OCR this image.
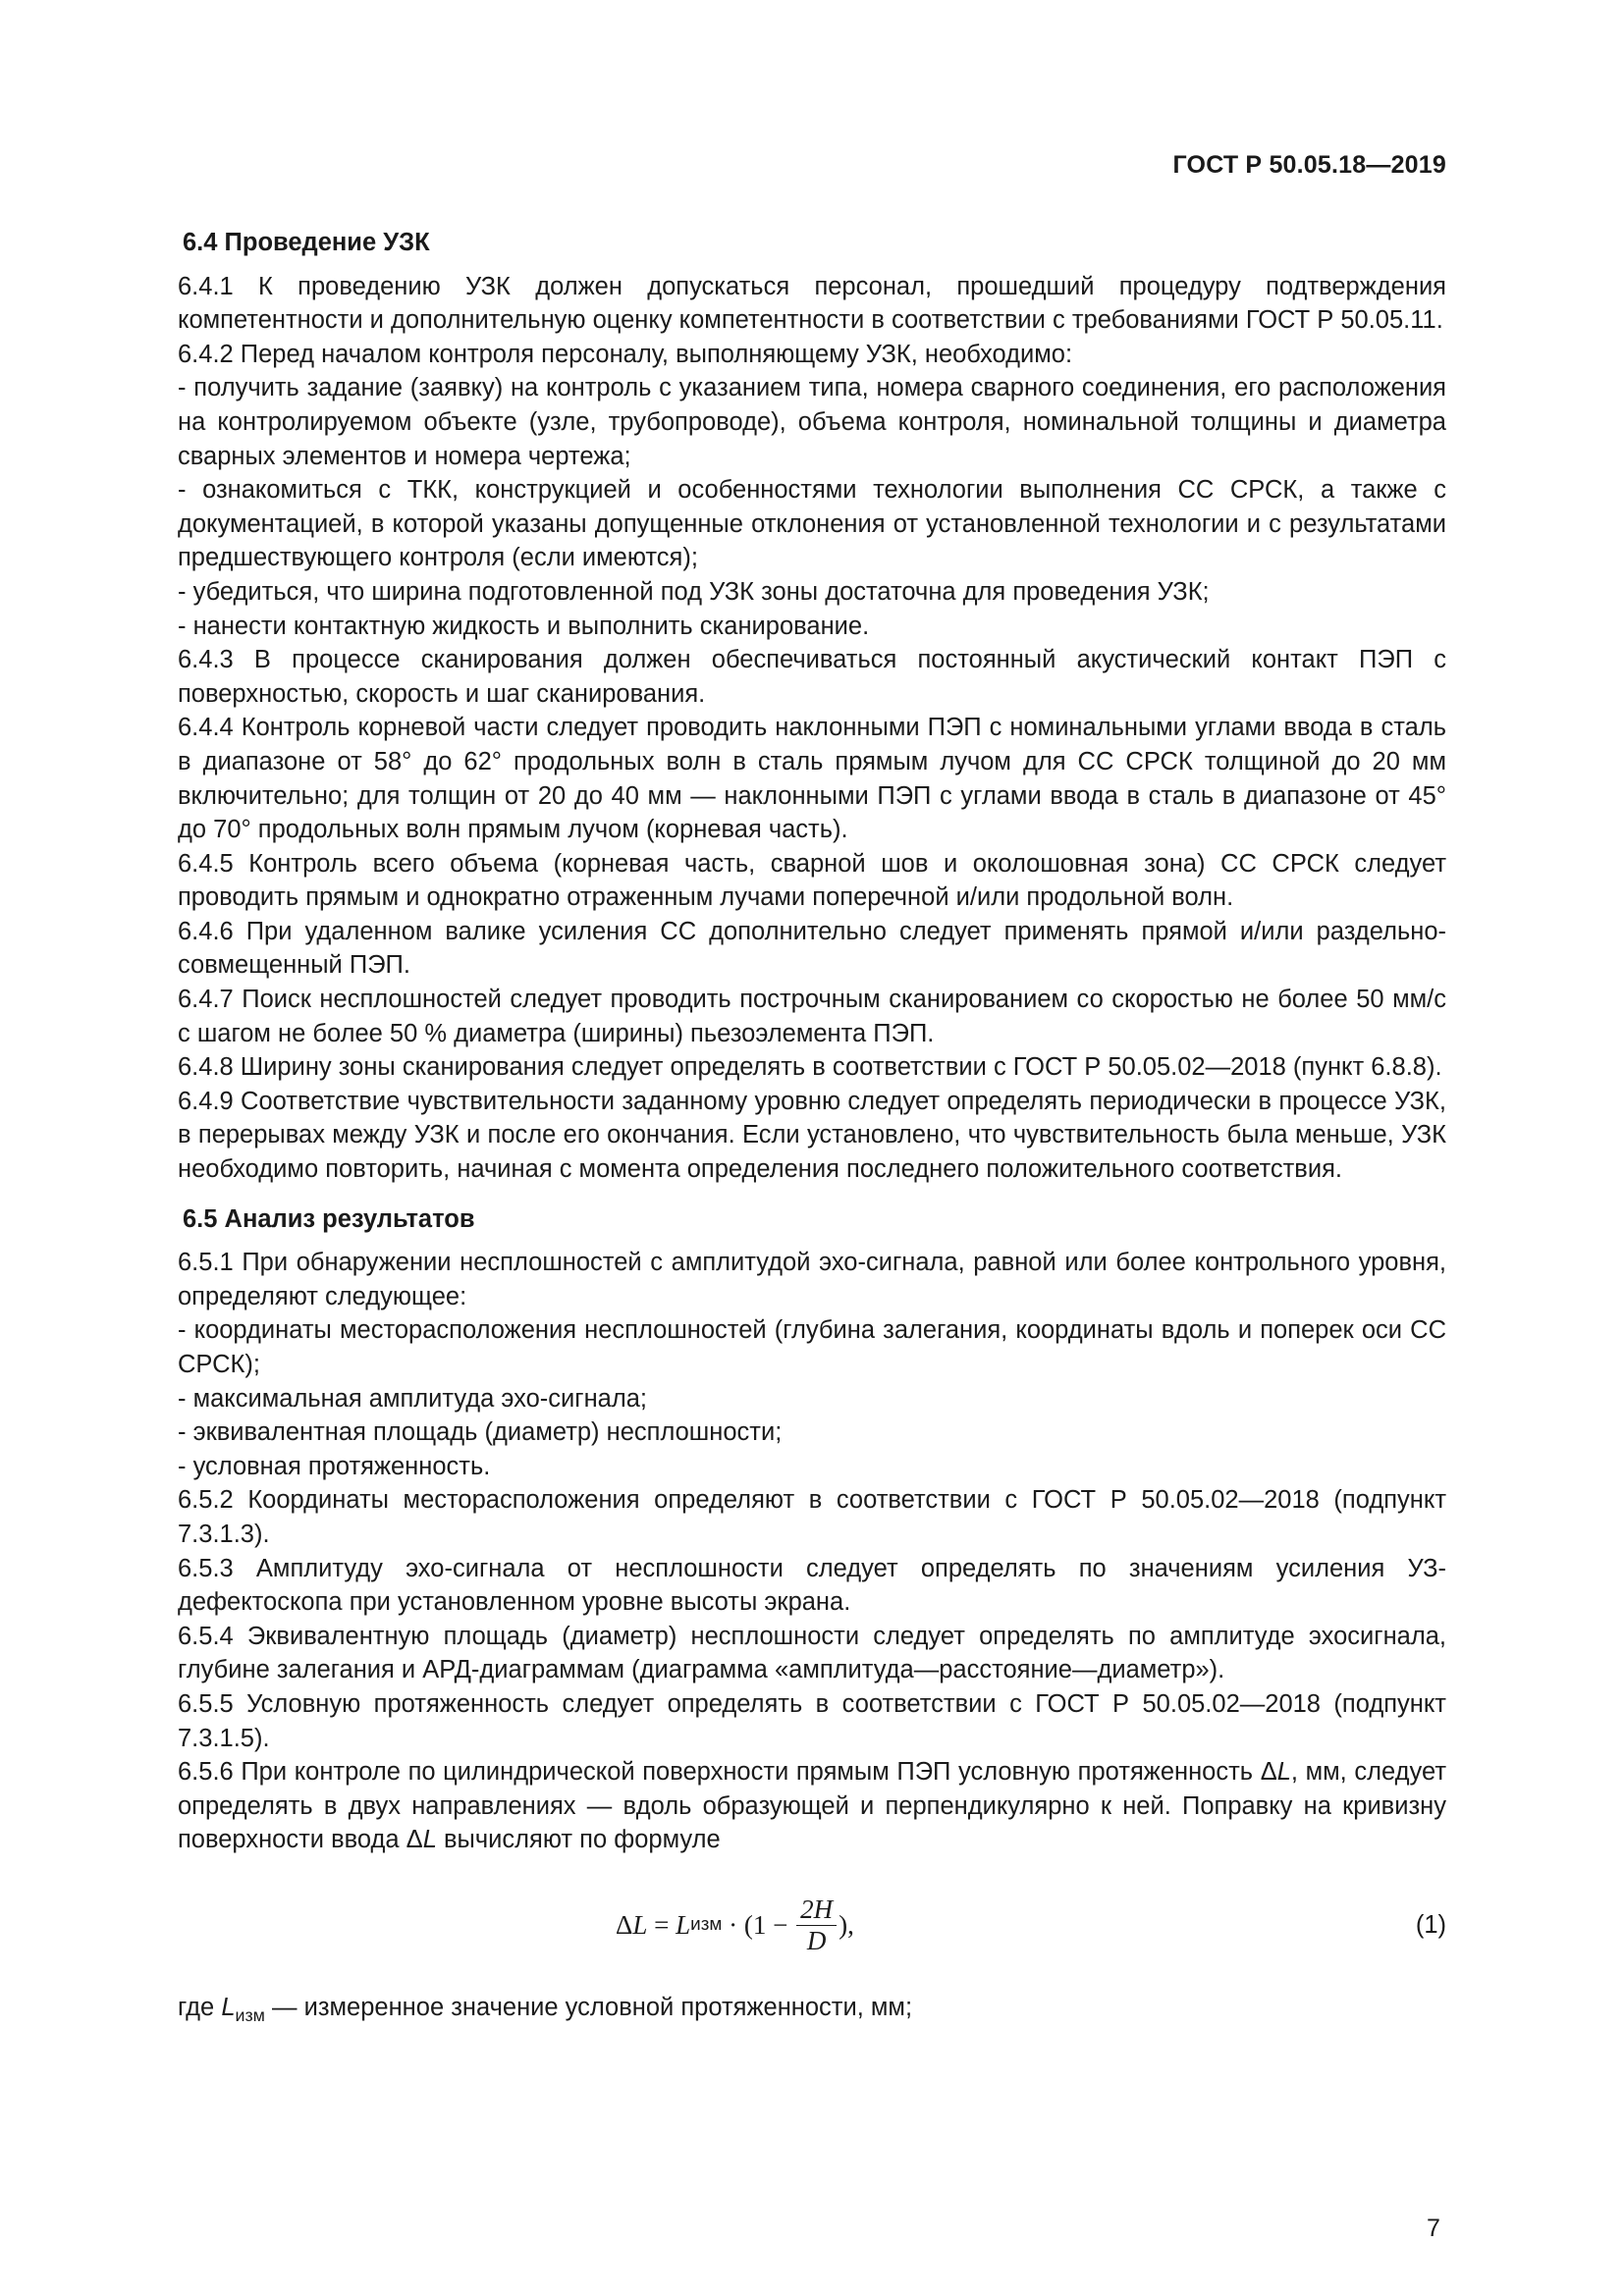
ГОСТ Р 50.05.18—2019

6.4 Проведение УЗК

6.4.1 К проведению УЗК должен допускаться персонал, прошедший процедуру подтверждения компетентности и дополнительную оценку компетентности в соответствии с требованиями ГОСТ Р 50.05.11.

6.4.2 Перед началом контроля персоналу, выполняющему УЗК, необходимо:

- получить задание (заявку) на контроль с указанием типа, номера сварного соединения, его расположения на контролируемом объекте (узле, трубопроводе), объема контроля, номинальной толщины и диаметра сварных элементов и номера чертежа;

- ознакомиться с ТКК, конструкцией и особенностями технологии выполнения СС СРСК, а также с документацией, в которой указаны допущенные отклонения от установленной технологии и с результатами предшествующего контроля (если имеются);

- убедиться, что ширина подготовленной под УЗК зоны достаточна для проведения УЗК;

- нанести контактную жидкость и выполнить сканирование.

6.4.3 В процессе сканирования должен обеспечиваться постоянный акустический контакт ПЭП с поверхностью, скорость и шаг сканирования.

6.4.4 Контроль корневой части следует проводить наклонными ПЭП с номинальными углами ввода в сталь в диапазоне от 58° до 62° продольных волн в сталь прямым лучом для СС СРСК толщиной до 20 мм включительно; для толщин от 20 до 40 мм — наклонными ПЭП с углами ввода в сталь в диапазоне от 45° до 70° продольных волн прямым лучом (корневая часть).

6.4.5 Контроль всего объема (корневая часть, сварной шов и околошовная зона) СС СРСК следует проводить прямым и однократно отраженным лучами поперечной и/или продольной волн.

6.4.6 При удаленном валике усиления СС дополнительно следует применять прямой и/или раздельно-совмещенный ПЭП.

6.4.7 Поиск несплошностей следует проводить построчным сканированием со скоростью не более 50 мм/с с шагом не более 50 % диаметра (ширины) пьезоэлемента ПЭП.

6.4.8 Ширину зоны сканирования следует определять в соответствии с ГОСТ Р 50.05.02—2018 (пункт 6.8.8).

6.4.9 Соответствие чувствительности заданному уровню следует определять периодически в процессе УЗК, в перерывах между УЗК и после его окончания. Если установлено, что чувствительность была меньше, УЗК необходимо повторить, начиная с момента определения последнего положительного соответствия.

6.5 Анализ результатов

6.5.1 При обнаружении несплошностей с амплитудой эхо-сигнала, равной или более контрольного уровня, определяют следующее:

- координаты месторасположения несплошностей (глубина залегания, координаты вдоль и поперек оси СС СРСК);

- максимальная амплитуда эхо-сигнала;

- эквивалентная площадь (диаметр) несплошности;

- условная протяженность.

6.5.2 Координаты месторасположения определяют в соответствии с ГОСТ Р 50.05.02—2018 (подпункт 7.3.1.3).

6.5.3 Амплитуду эхо-сигнала от несплошности следует определять по значениям усиления УЗ-дефектоскопа при установленном уровне высоты экрана.

6.5.4 Эквивалентную площадь (диаметр) несплошности следует определять по амплитуде эхосигнала, глубине залегания и АРД-диаграммам (диаграмма «амплитуда—расстояние—диаметр»).

6.5.5 Условную протяженность следует определять в соответствии с ГОСТ Р 50.05.02—2018 (подпункт 7.3.1.5).

6.5.6 При контроле по цилиндрической поверхности прямым ПЭП условную протяженность ΔL, мм, следует определять в двух направлениях — вдоль образующей и перпендикулярно к ней. Поправку на кривизну поверхности ввода ΔL вычисляют по формуле

Δ L = L изм · ($1 - \frac{2H}{D}$ ),	(1)

где $L_{изм}$ — измеренное значение условной протяженности, мм;

7
